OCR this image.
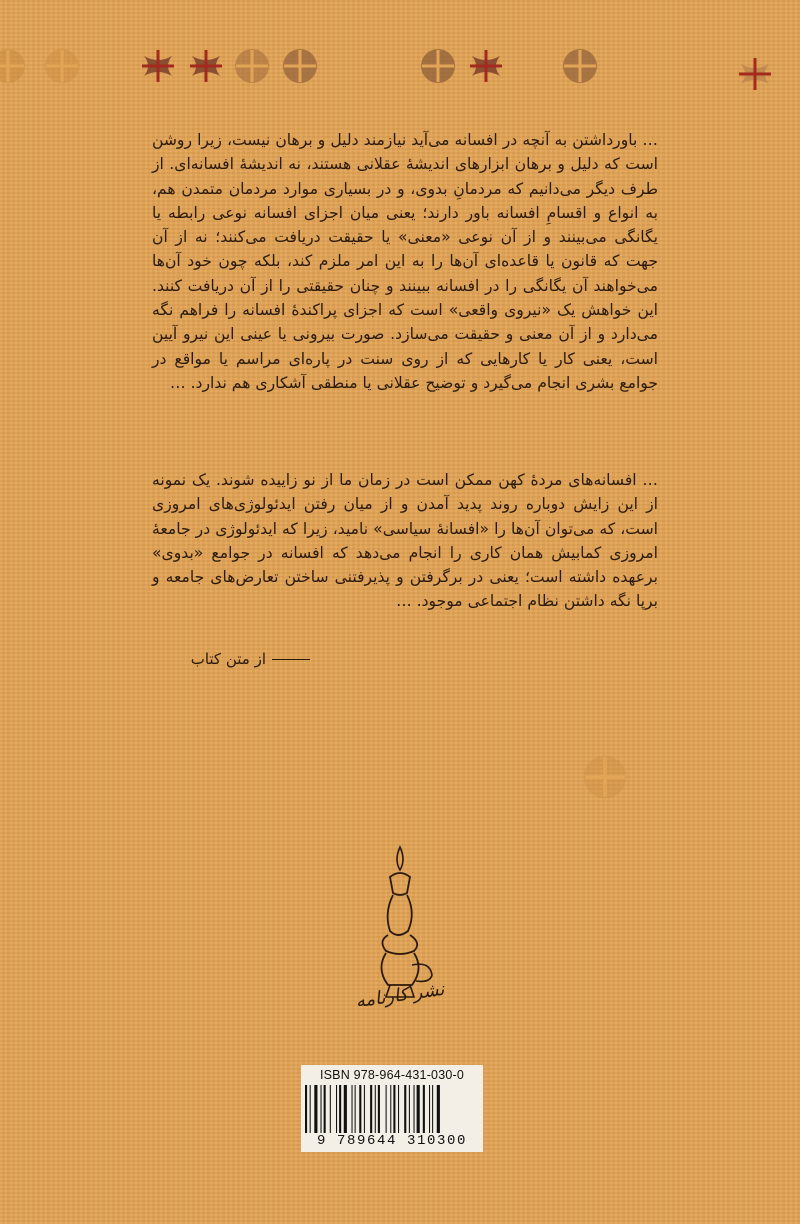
… باورداشتن به آنچه در افسانه می‌آید نیازمند دلیل و برهان نیست، زیرا روشن است که دلیل و برهان ابزارهای اندیشهٔ عقلانی هستند، نه اندیشهٔ افسانه‌ای. از طرف دیگر می‌دانیم که مردمانِ بدوی، و در بسیاری موارد مردمان متمدن هم، به انواع و اقسامِ افسانه باور دارند؛ یعنی میان اجزای افسانه نوعی رابطه یا یگانگی می‌بینند و از آن نوعی «معنی» یا حقیقت دریافت می‌کنند؛ نه از آن جهت که قانون یا قاعده‌ای آن‌ها را به این امر ملزم کند، بلکه چون خود آن‌ها می‌خواهند آن یگانگی را در افسانه ببینند و چنان حقیقتی را از آن دریافت کنند. این خواهش یک «نیروی واقعی» است که اجزای پراکندهٔ افسانه را فراهم نگه می‌دارد و از آن معنی و حقیقت می‌سازد. صورت بیرونی یا عینی این نیرو آیین است، یعنی کار یا کارهایی که از روی سنت در پاره‌ای مراسم یا مواقع در جوامع بشری انجام می‌گیرد و توضیح عقلانی یا منطقی آشکاری هم ندارد. …

… افسانه‌های مردهٔ کهن ممکن است در زمان ما از نو زاییده شوند. یک نمونه از این زایش دوباره روند پدید آمدن و از میان رفتن ایدئولوژی‌های امروزی است، که می‌توان آن‌ها را «افسانهٔ سیاسی» نامید، زیرا که ایدئولوژی در جامعهٔ امروزی کمابیش همان کاری را انجام می‌دهد که افسانه در جوامع «بدوی» برعهده داشته است؛ یعنی در برگرفتن و پذیرفتنی ساختن تعارض‌های جامعه و برپا نگه داشتن نظام اجتماعی موجود. …

از متن کتاب
نشر کارنامه
ISBN 978-964-431-030-0
9 789644 310300
